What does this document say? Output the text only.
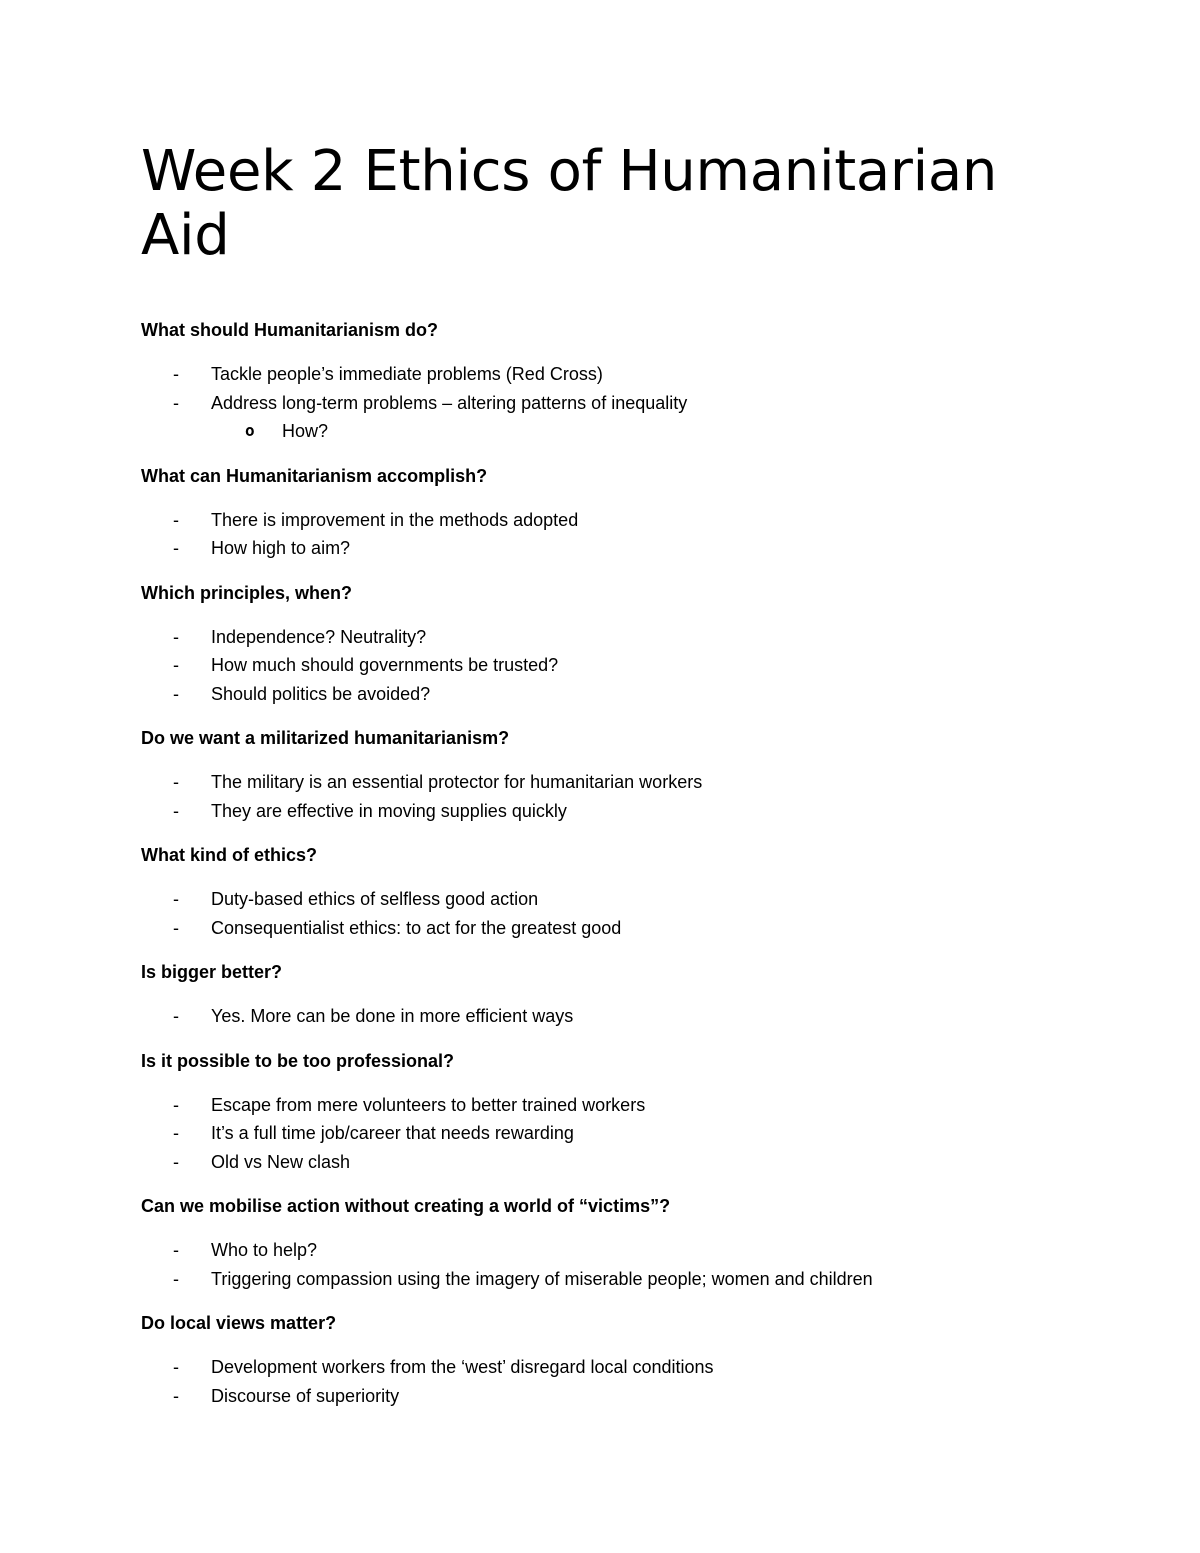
Week 2 Ethics of Humanitarian Aid

What should Humanitarianism do?

-	Tackle people’s immediate problems (Red Cross)
-	Address long-term problems – altering patterns of inequality
o How?

What can Humanitarianism accomplish?

-	There is improvement in the methods adopted
-	How high to aim?

Which principles, when?

-	Independence? Neutrality?
-	How much should governments be trusted?
-	Should politics be avoided?

Do we want a militarized humanitarianism?

-	The military is an essential protector for humanitarian workers
-	They are effective in moving supplies quickly

What kind of ethics?

-	Duty-based ethics of selfless good action
-	Consequentialist ethics: to act for the greatest good

Is bigger better?

-	Yes. More can be done in more efficient ways

Is it possible to be too professional?

-	Escape from mere volunteers to better trained workers
-	It’s a full time job/career that needs rewarding
-	Old vs New clash

Can we mobilise action without creating a world of “victims”?

-	Who to help?
-	Triggering compassion using the imagery of miserable people; women and children

Do local views matter?

-	Development workers from the ‘west’ disregard local conditions
-	Discourse of superiority
